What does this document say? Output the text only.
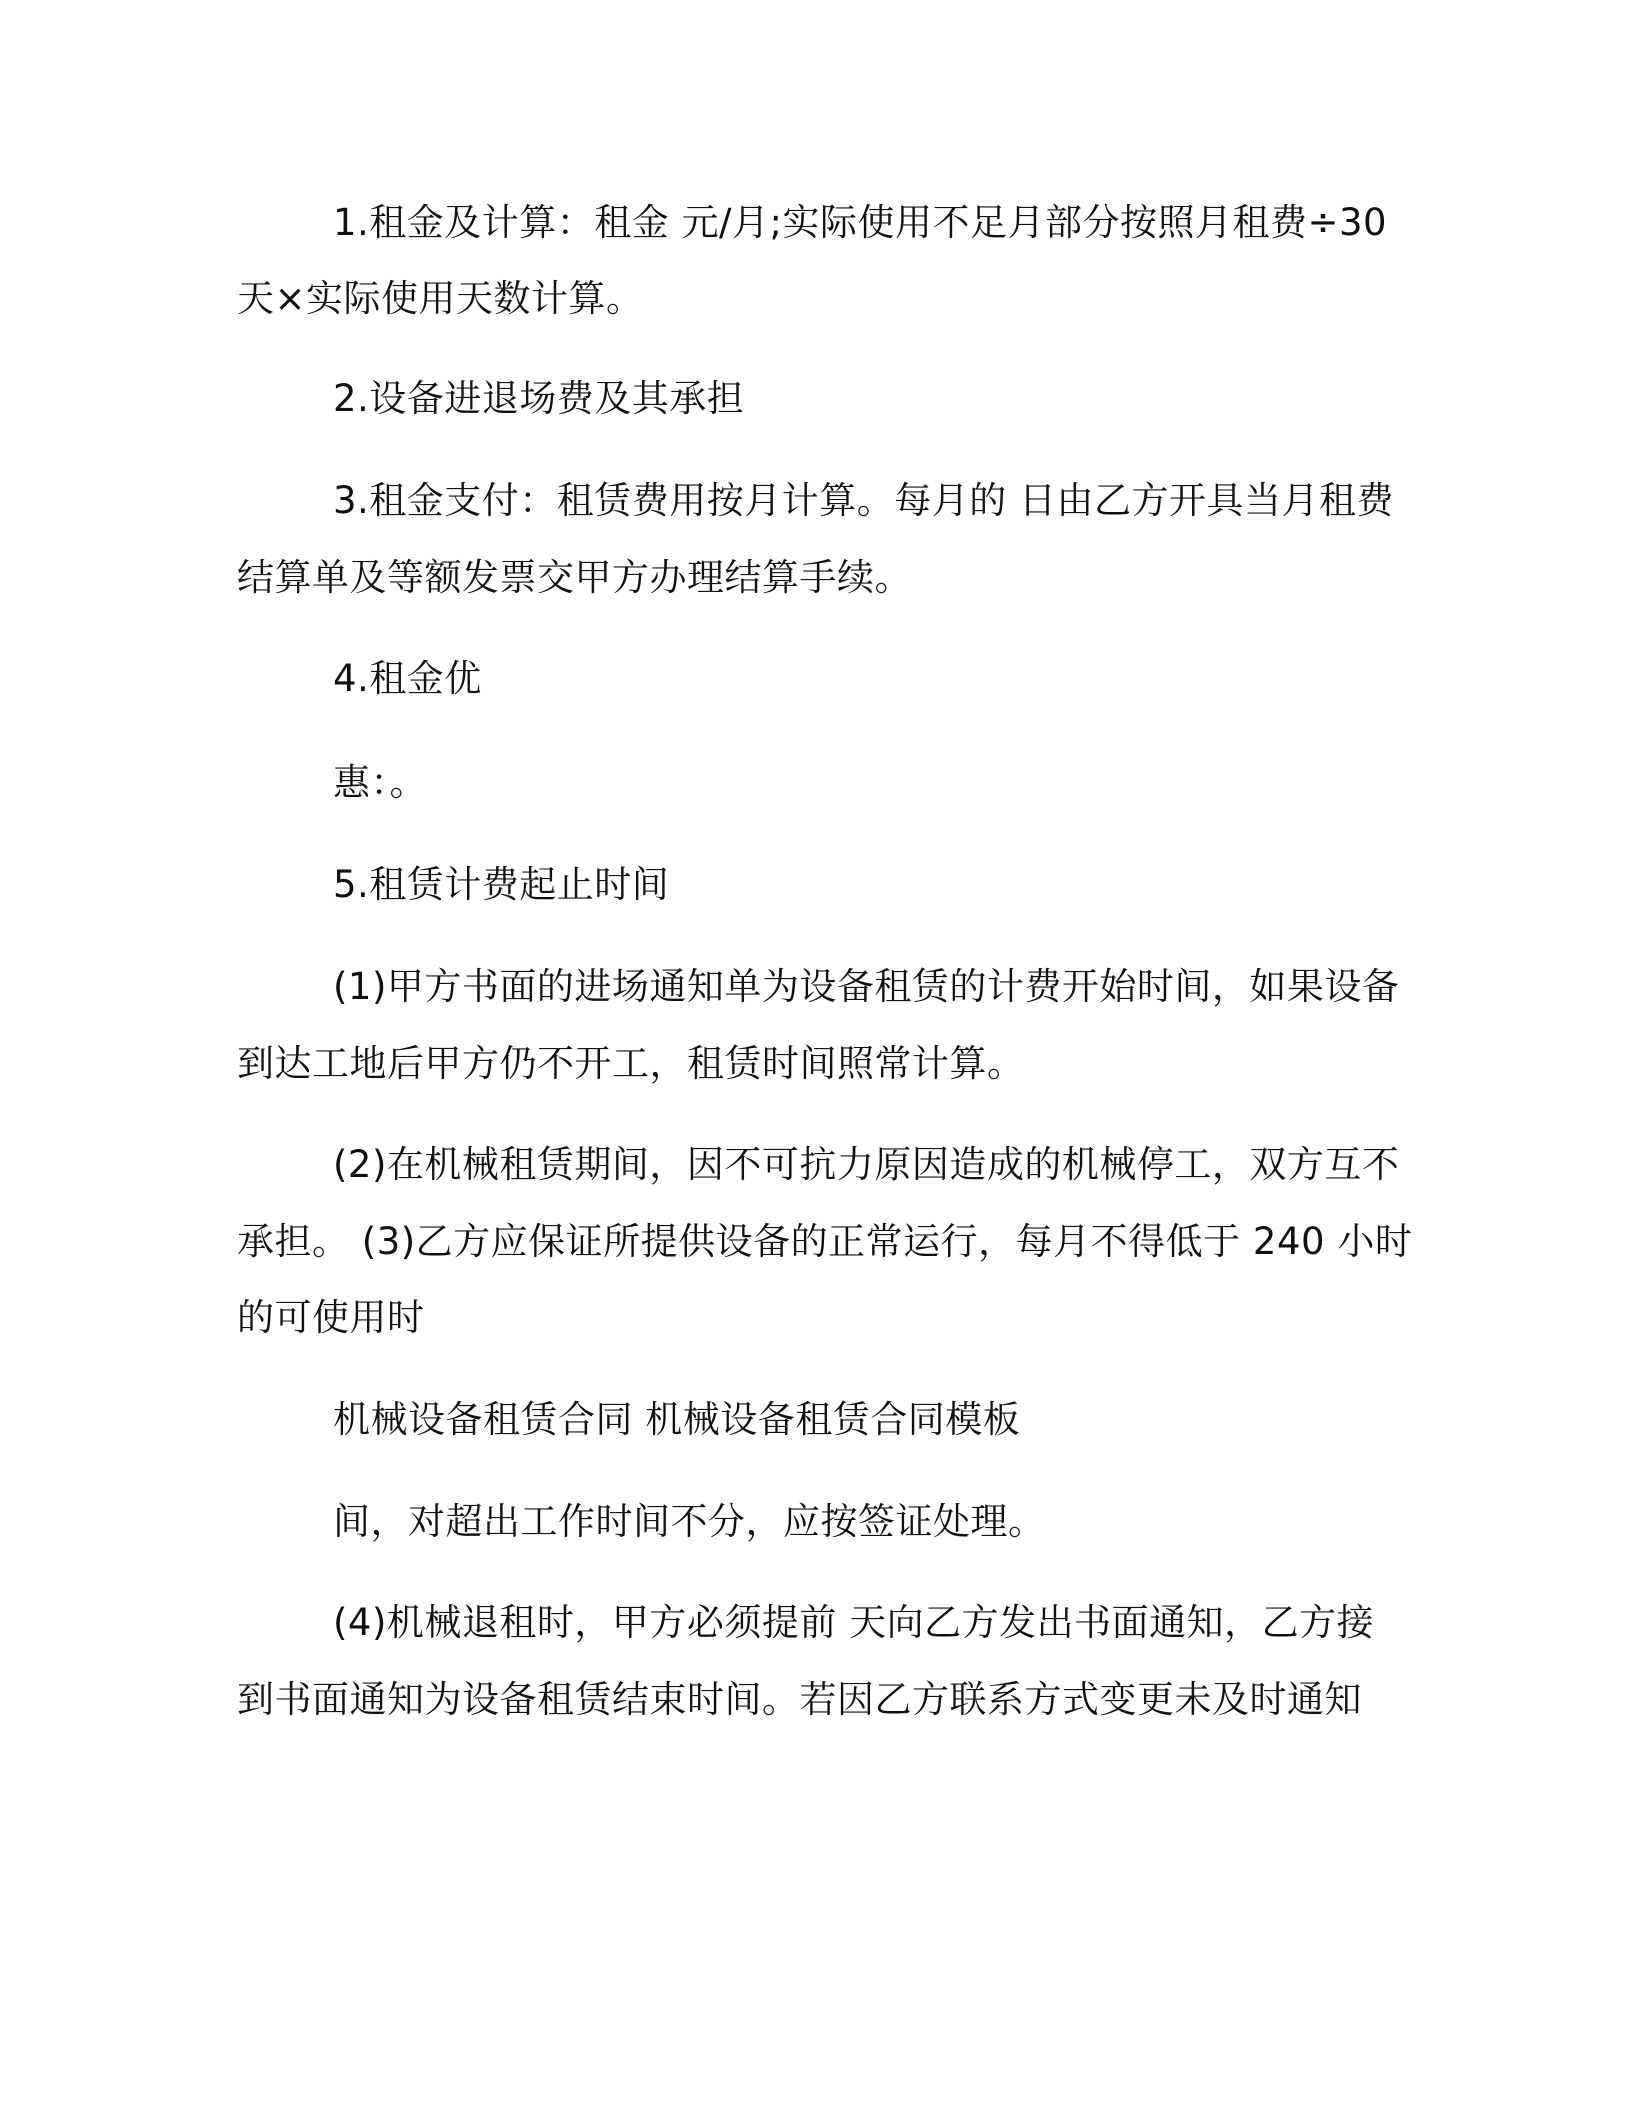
1.租金及计算：租金 元/月;实际使用不足月部分按照月租费÷30

天×实际使用天数计算。

2.设备进退场费及其承担

3.租金支付：租赁费用按月计算。每月的 日由乙方开具当月租费

结算单及等额发票交甲方办理结算手续。

4.租金优

惠：。

5.租赁计费起止时间

(1)甲方书面的进场通知单为设备租赁的计费开始时间，如果设备

到达工地后甲方仍不开工，租赁时间照常计算。

(2)在机械租赁期间，因不可抗力原因造成的机械停工，双方互不

承担。 (3)乙方应保证所提供设备的正常运行，每月不得低于 240 小时

的可使用时

机械设备租赁合同 机械设备租赁合同模板

间，对超出工作时间不分，应按签证处理。

(4)机械退租时，甲方必须提前 天向乙方发出书面通知，乙方接

到书面通知为设备租赁结束时间。若因乙方联系方式变更未及时通知
